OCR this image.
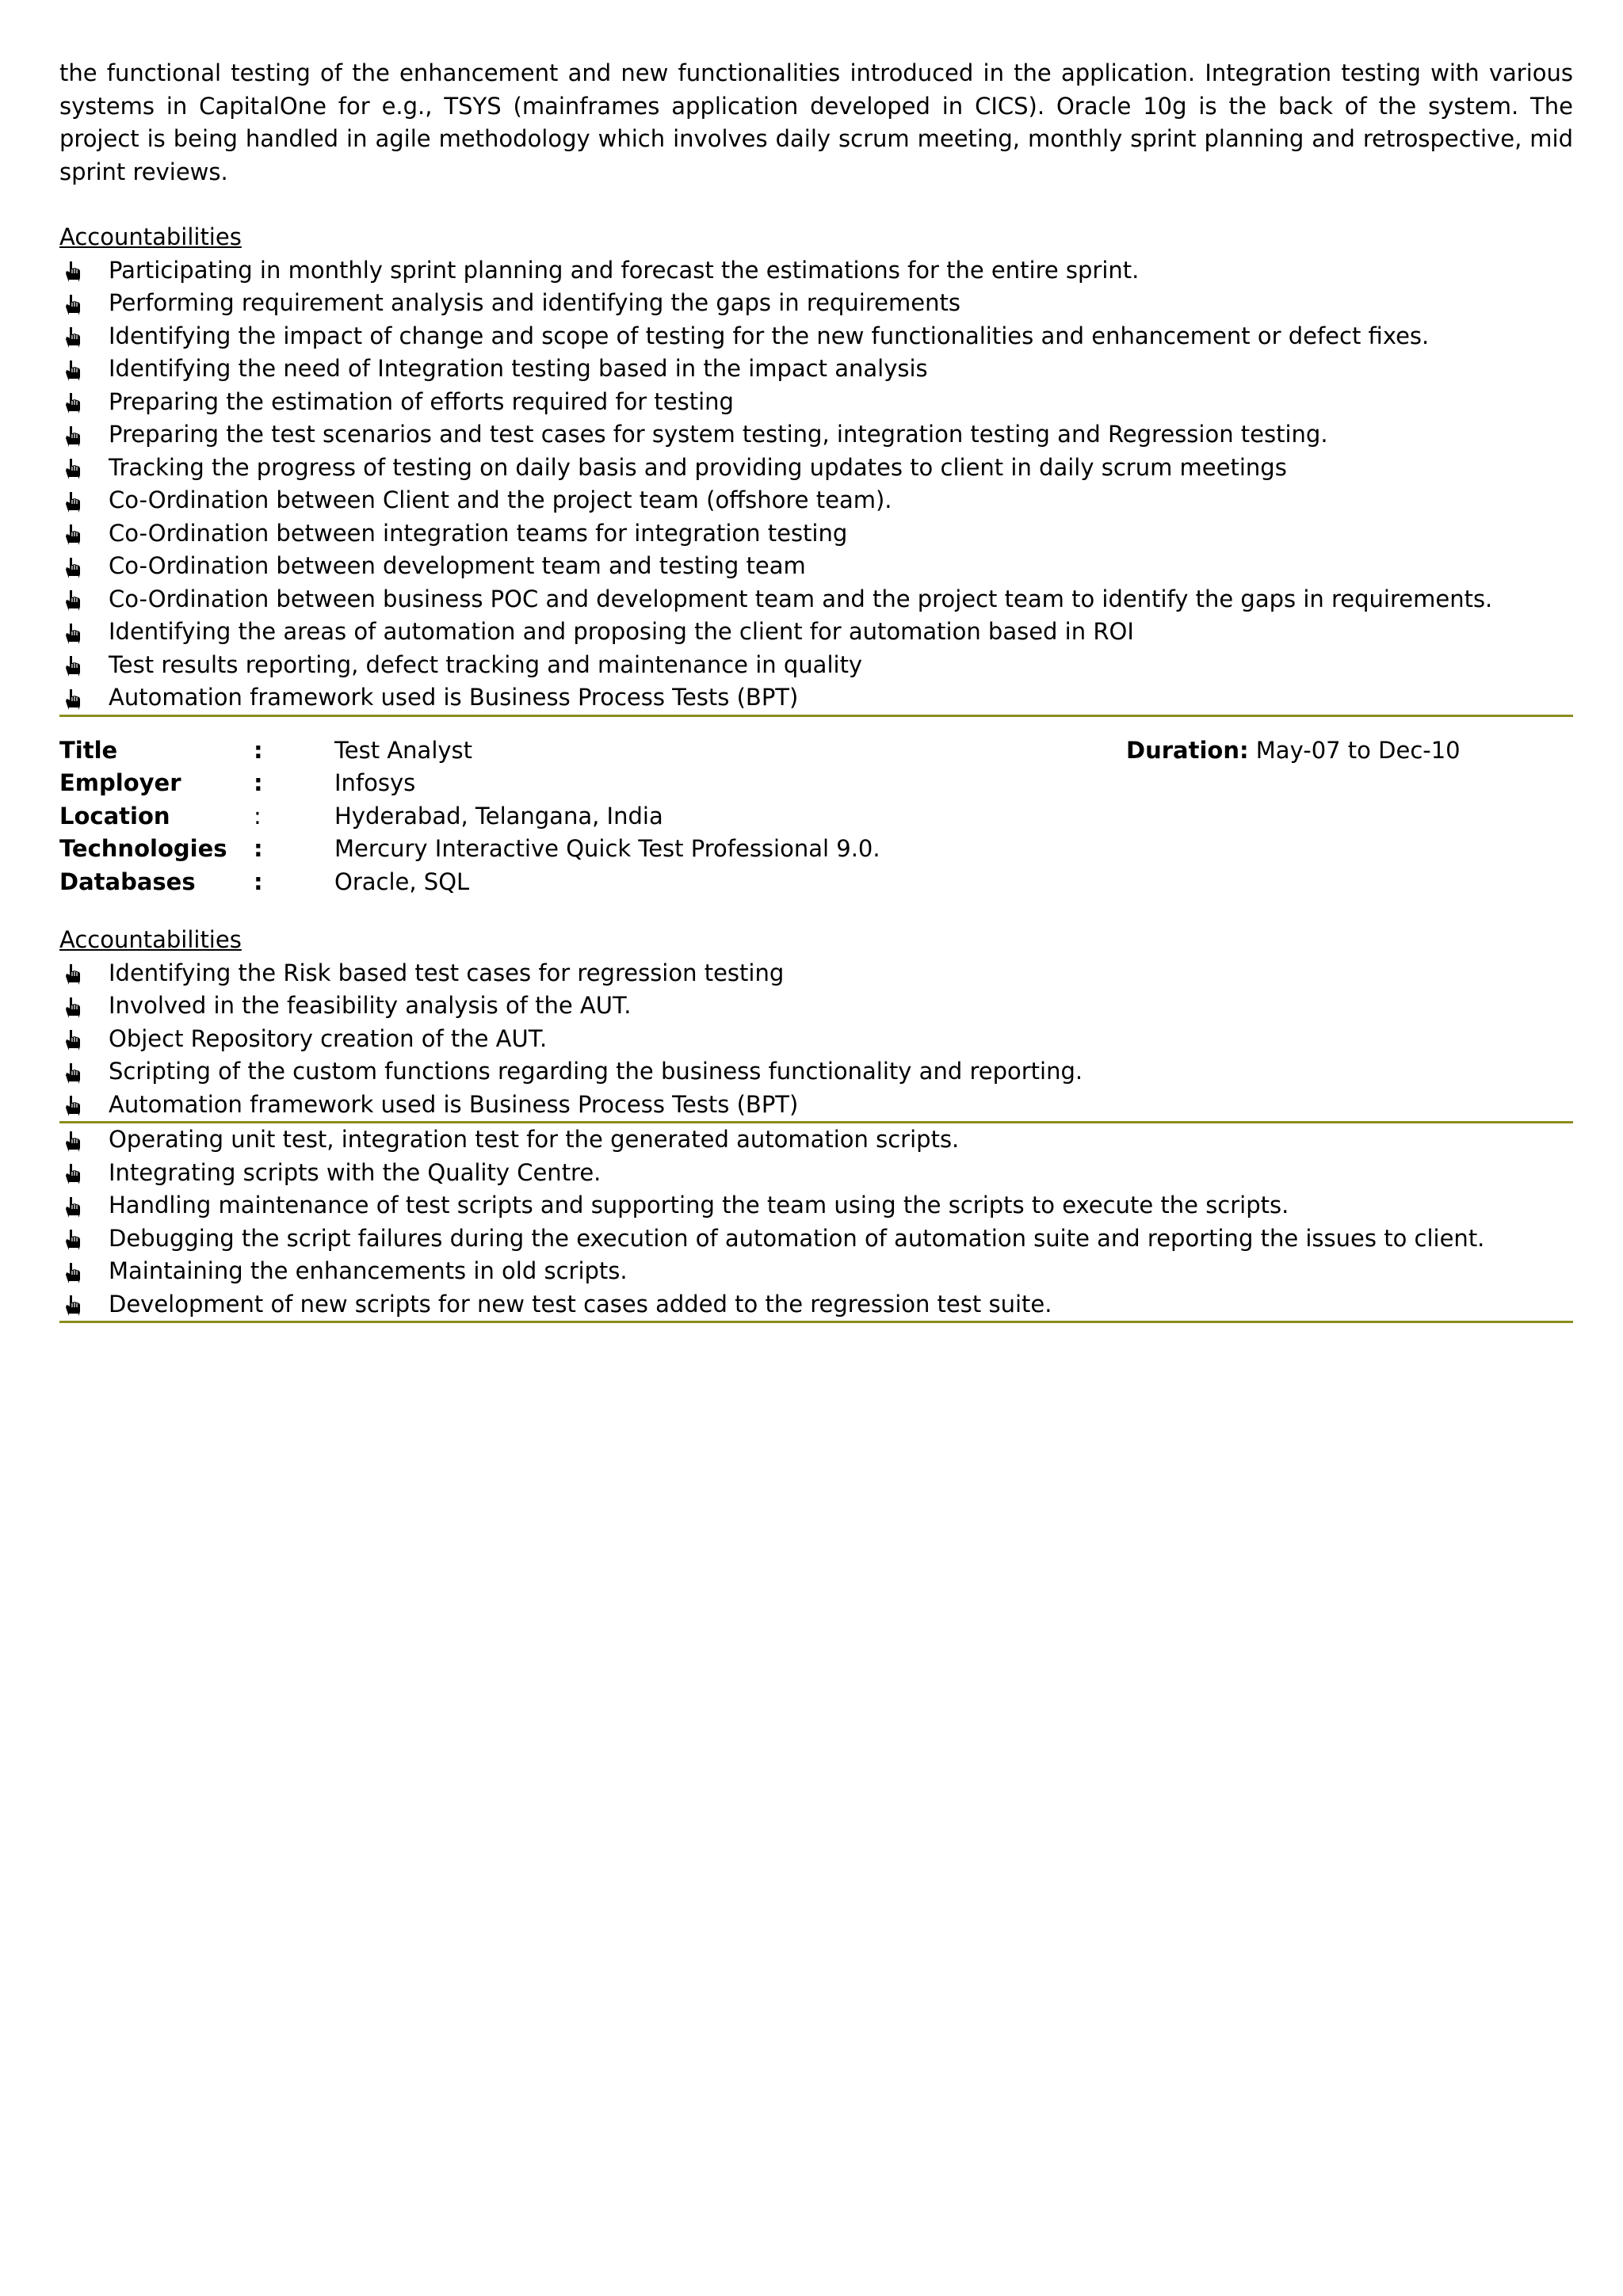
the functional testing of the enhancement and new functionalities introduced in the application. Integration testing with various systems in CapitalOne for e.g., TSYS (mainframes application developed in CICS). Oracle 10g is the back of the system. The project is being handled in agile methodology which involves daily scrum meeting, monthly sprint planning and retrospective, mid sprint reviews.

Accountabilities
Participating in monthly sprint planning and forecast the estimations for the entire sprint.
Performing requirement analysis and identifying the gaps in requirements
Identifying the impact of change and scope of testing for the new functionalities and enhancement or defect fixes.
Identifying the need of Integration testing based in the impact analysis
Preparing the estimation of efforts required for testing
Preparing the test scenarios and test cases for system testing, integration testing and Regression testing.
Tracking the progress of testing on daily basis and providing updates to client in daily scrum meetings
Co-Ordination between Client and the project team (offshore team).
Co-Ordination between integration teams for integration testing
Co-Ordination between development team and testing team
Co-Ordination between business POC and development team and the project team to identify the gaps in requirements.
Identifying the areas of automation and proposing the client for automation based in ROI
Test results reporting, defect tracking and maintenance in quality
Automation framework used is Business Process Tests (BPT)
Title	:	Test Analyst	Duration: May-07 to Dec-10
Employer	:	Infosys
Location	:	Hyderabad, Telangana, India
Technologies	:	Mercury Interactive Quick Test Professional 9.0.
Databases	:	Oracle, SQL
Accountabilities
Identifying the Risk based test cases for regression testing
Involved in the feasibility analysis of the AUT.
Object Repository creation of the AUT.
Scripting of the custom functions regarding the business functionality and reporting.
Automation framework used is Business Process Tests (BPT)
Operating unit test, integration test for the generated automation scripts.
Integrating scripts with the Quality Centre.
Handling maintenance of test scripts and supporting the team using the scripts to execute the scripts.
Debugging the script failures during the execution of automation of automation suite and reporting the issues to client.
Maintaining the enhancements in old scripts.
Development of new scripts for new test cases added to the regression test suite.
